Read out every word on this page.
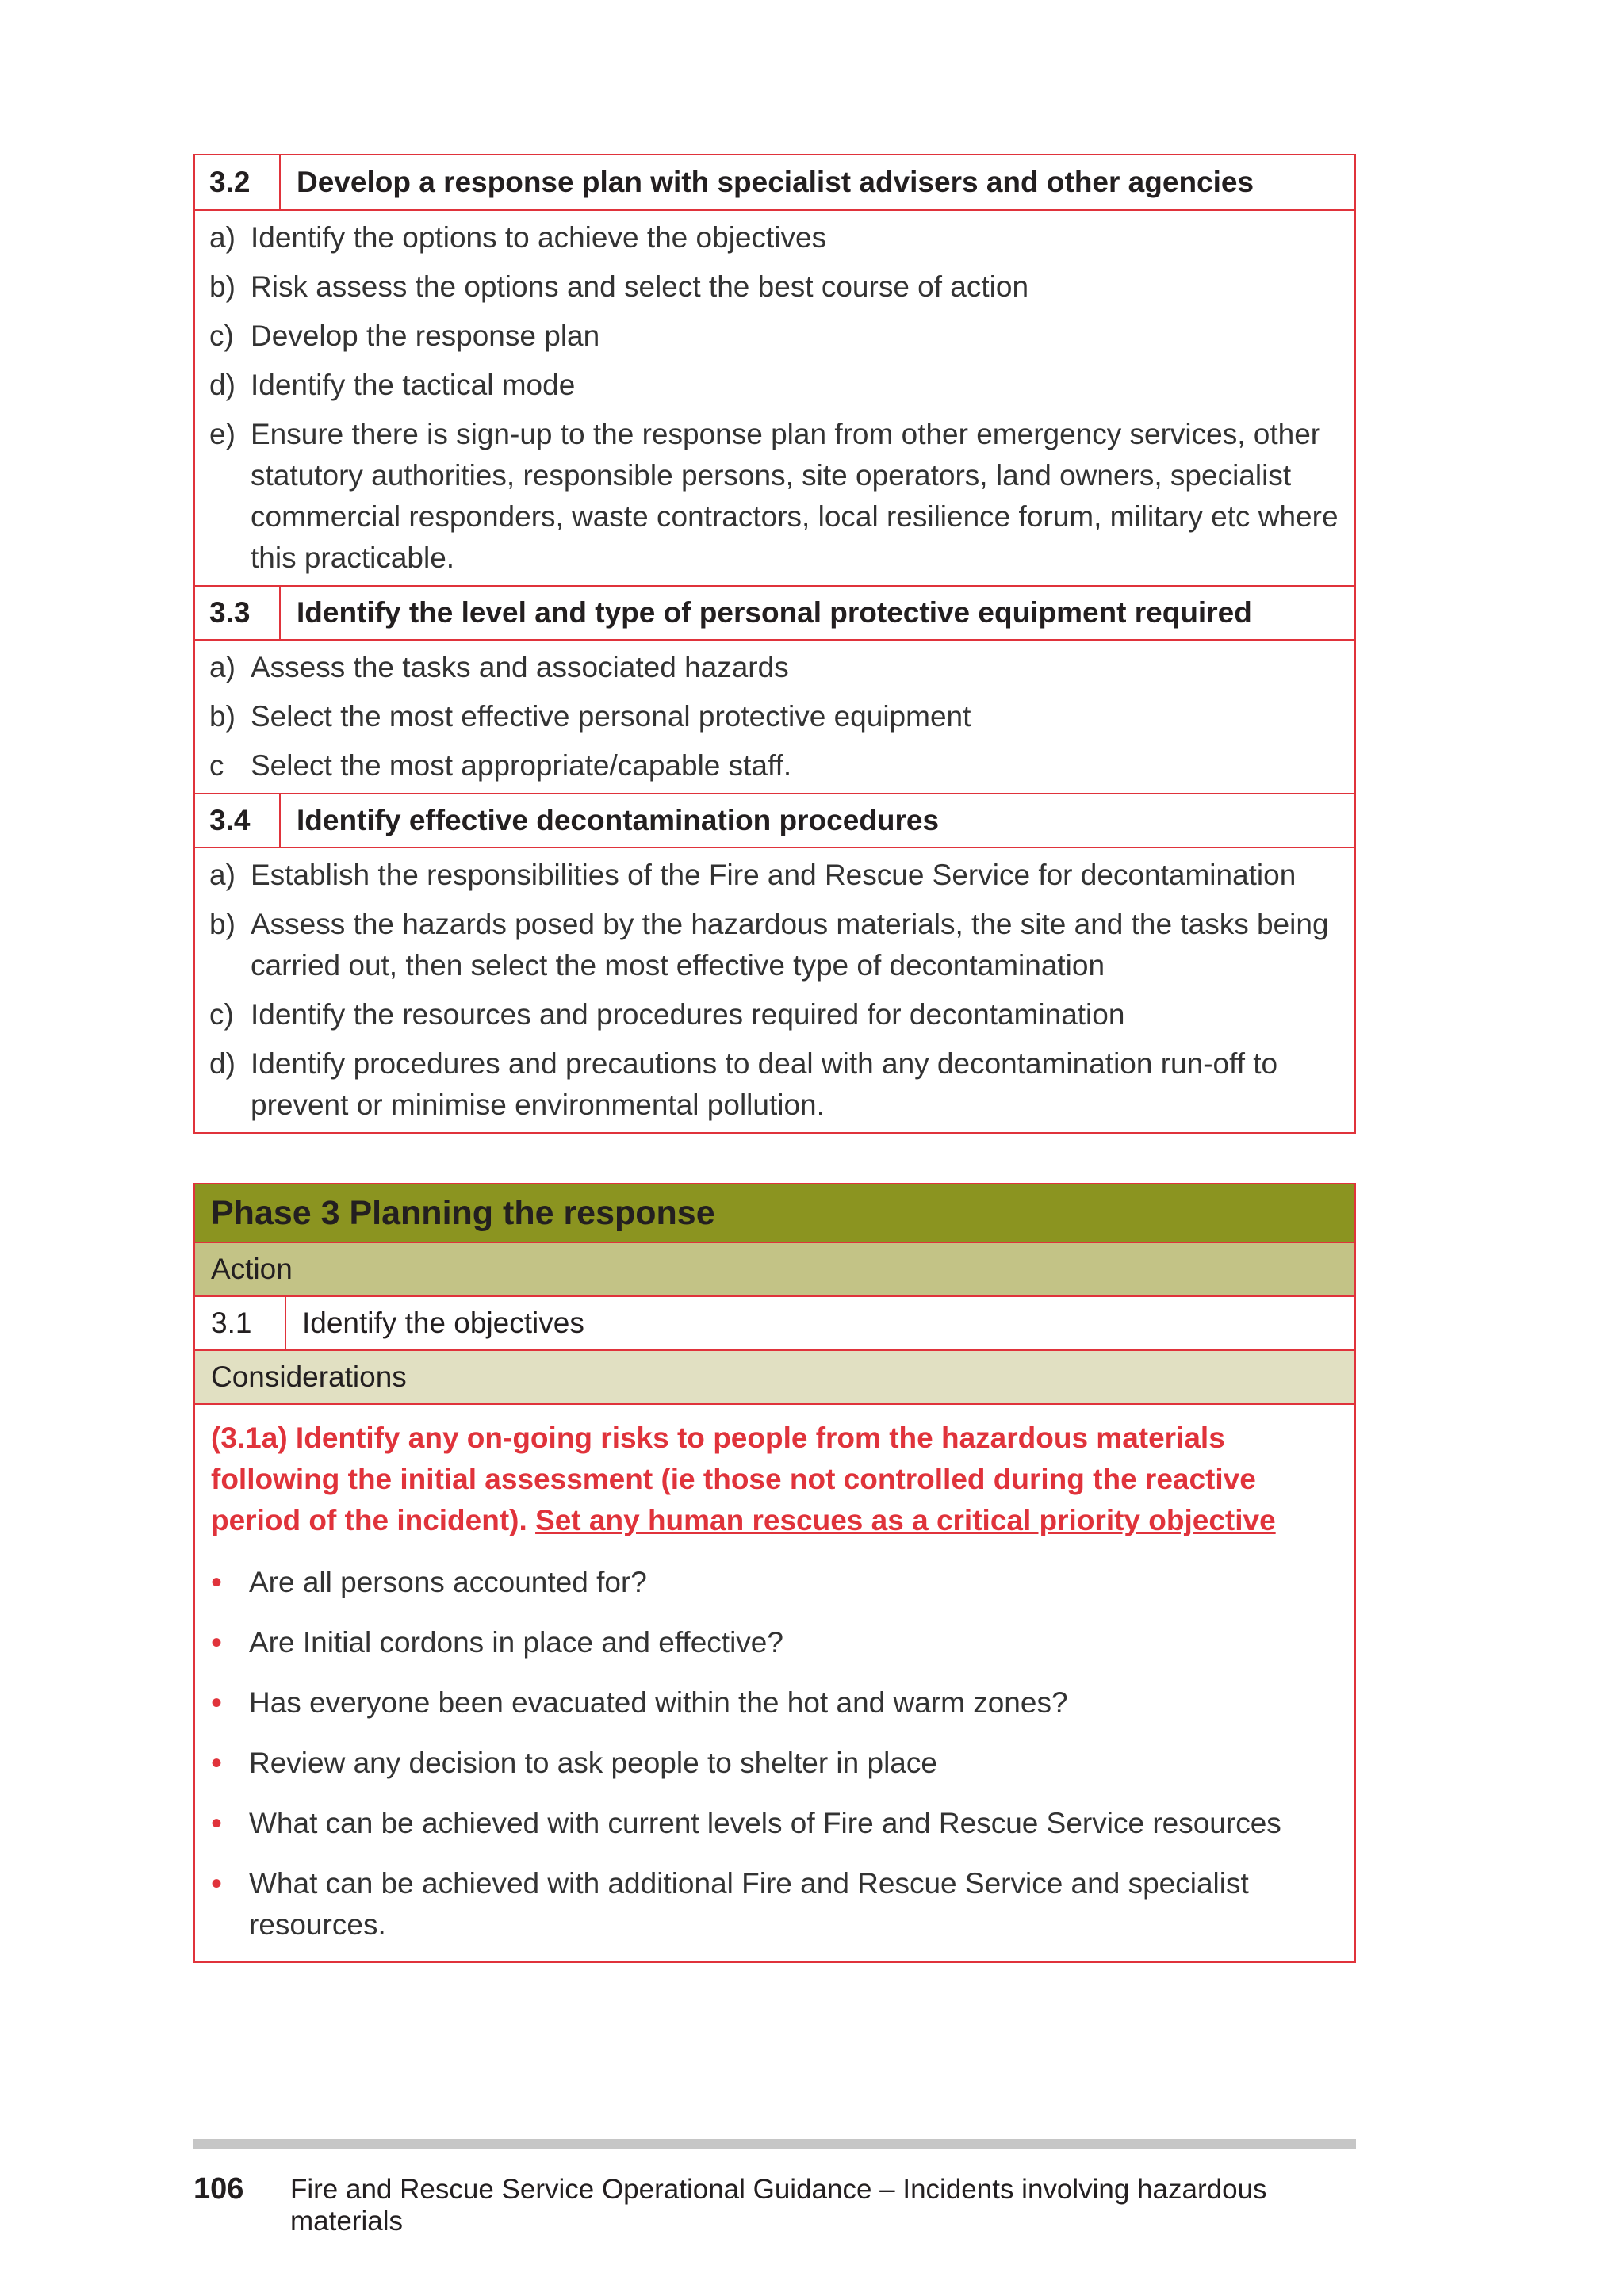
3.2	Develop a response plan with specialist advisers and other agencies
a) Identify the options to achieve the objectives
b) Risk assess the options and select the best course of action
c) Develop the response plan
d) Identify the tactical mode
e) Ensure there is sign-up to the response plan from other emergency services, other statutory authorities, responsible persons, site operators, land owners, specialist commercial responders, waste contractors, local resilience forum, military etc where this practicable.
3.3	Identify the level and type of personal protective equipment required
a) Assess the tasks and associated hazards
b) Select the most effective personal protective equipment
c Select the most appropriate/capable staff.
3.4	Identify effective decontamination procedures
a) Establish the responsibilities of the Fire and Rescue Service for decontamination
b) Assess the hazards posed by the hazardous materials, the site and the tasks being carried out, then select the most effective type of decontamination
c) Identify the resources and procedures required for decontamination
d) Identify procedures and precautions to deal with any decontamination run-off to prevent or minimise environmental pollution.
Phase 3 Planning the response
Action
3.1	Identify the objectives
Considerations

(3.1a) Identify any on-going risks to people from the hazardous materials following the initial assessment (ie those not controlled during the reactive period of the incident). Set any human rescues as a critical priority objective

• Are all persons accounted for?
• Are Initial cordons in place and effective?
• Has everyone been evacuated within the hot and warm zones?
• Review any decision to ask people to shelter in place
• What can be achieved with current levels of Fire and Rescue Service resources
• What can be achieved with additional Fire and Rescue Service and specialist resources.
106	Fire and Rescue Service Operational Guidance – Incidents involving hazardous materials
